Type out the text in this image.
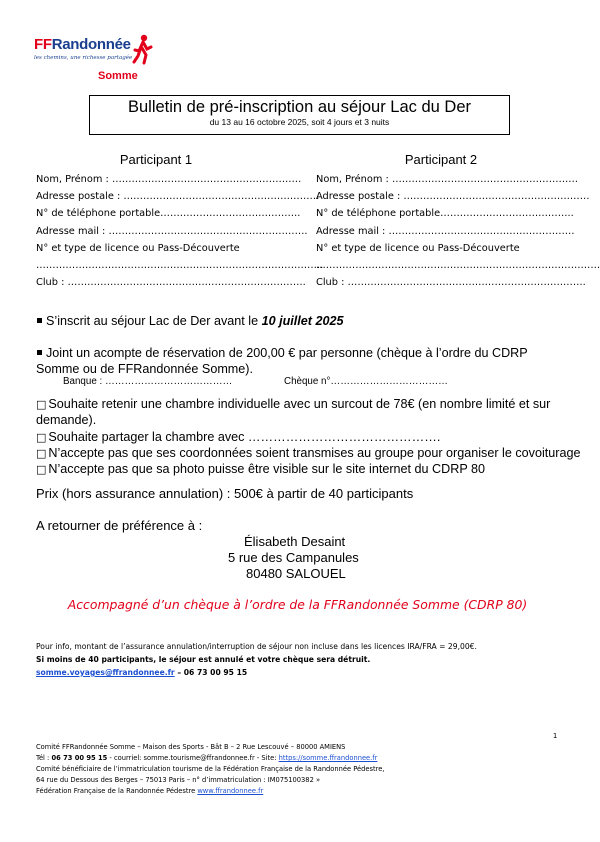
FFRandonnée
les chemins, une richesse partagée
Somme
Bulletin de pré-inscription au séjour Lac du Der
du 13 au 16 octobre 2025, soit 4 jours et 3 nuits
Participant 1
Nom, Prénom : ………………………………………………….
Adresse postale : ……………………………………………………
N° de téléphone portable…………………………………….
Adresse mail : …………………………………………………….
N° et type de licence ou Pass-Découverte
…………………………………………………………………………….
Club : ……………………………………………………………….
Participant 2
Nom, Prénom : …………………………………………………
Adresse postale : …………………………………………………
N° de téléphone portable…………………………………..
Adresse mail : …………………………………………………
N° et type de licence ou Pass-Découverte
……………………………………………………………………………
Club : ……………………………………………………………….
S’inscrit au séjour Lac de Der avant le 10 juillet 2025
Joint un acompte de réservation de 200,00 € par personne (chèque à l’ordre du CDRP
Somme ou de FFRandonnée Somme).
Banque : …………………………………	Chèque n°………………………………
□ Souhaite retenir une chambre individuelle avec un surcout de 78€ (en nombre limité et sur
demande).
□ Souhaite partager la chambre avec ……………………………………….
□ N’accepte pas que ses coordonnées soient transmises au groupe pour organiser le covoiturage
□ N’accepte pas que sa photo puisse être visible sur le site internet du CDRP 80
Prix (hors assurance annulation) : 500€ à partir de 40 participants
A retourner de préférence à :
Élisabeth Desaint
5 rue des Campanules
80480 SALOUEL
Accompagné d’un chèque à l’ordre de la FFRandonnée Somme (CDRP 80)
Pour info, montant de l’assurance annulation/interruption de séjour non incluse dans les licences IRA/FRA = 29,00€.
Si moins de 40 participants, le séjour est annulé et votre chèque sera détruit.
somme.voyages@ffrandonnee.fr – 06 73 00 95 15
1
Comité FFRandonnée Somme – Maison des Sports - Bât B – 2 Rue Lescouvé – 80000 AMIENS
Tél : 06 73 00 95 15 - courriel: somme.tourisme@ffrandonnee.fr - Site: https://somme.ffrandonnee.fr
Comité bénéficiaire de l’immatriculation tourisme de la Fédération Française de la Randonnée Pédestre,
64 rue du Dessous des Berges – 75013 Paris – n° d’immatriculation : IM075100382 »
Fédération Française de la Randonnée Pédestre www.ffrandonnee.fr
